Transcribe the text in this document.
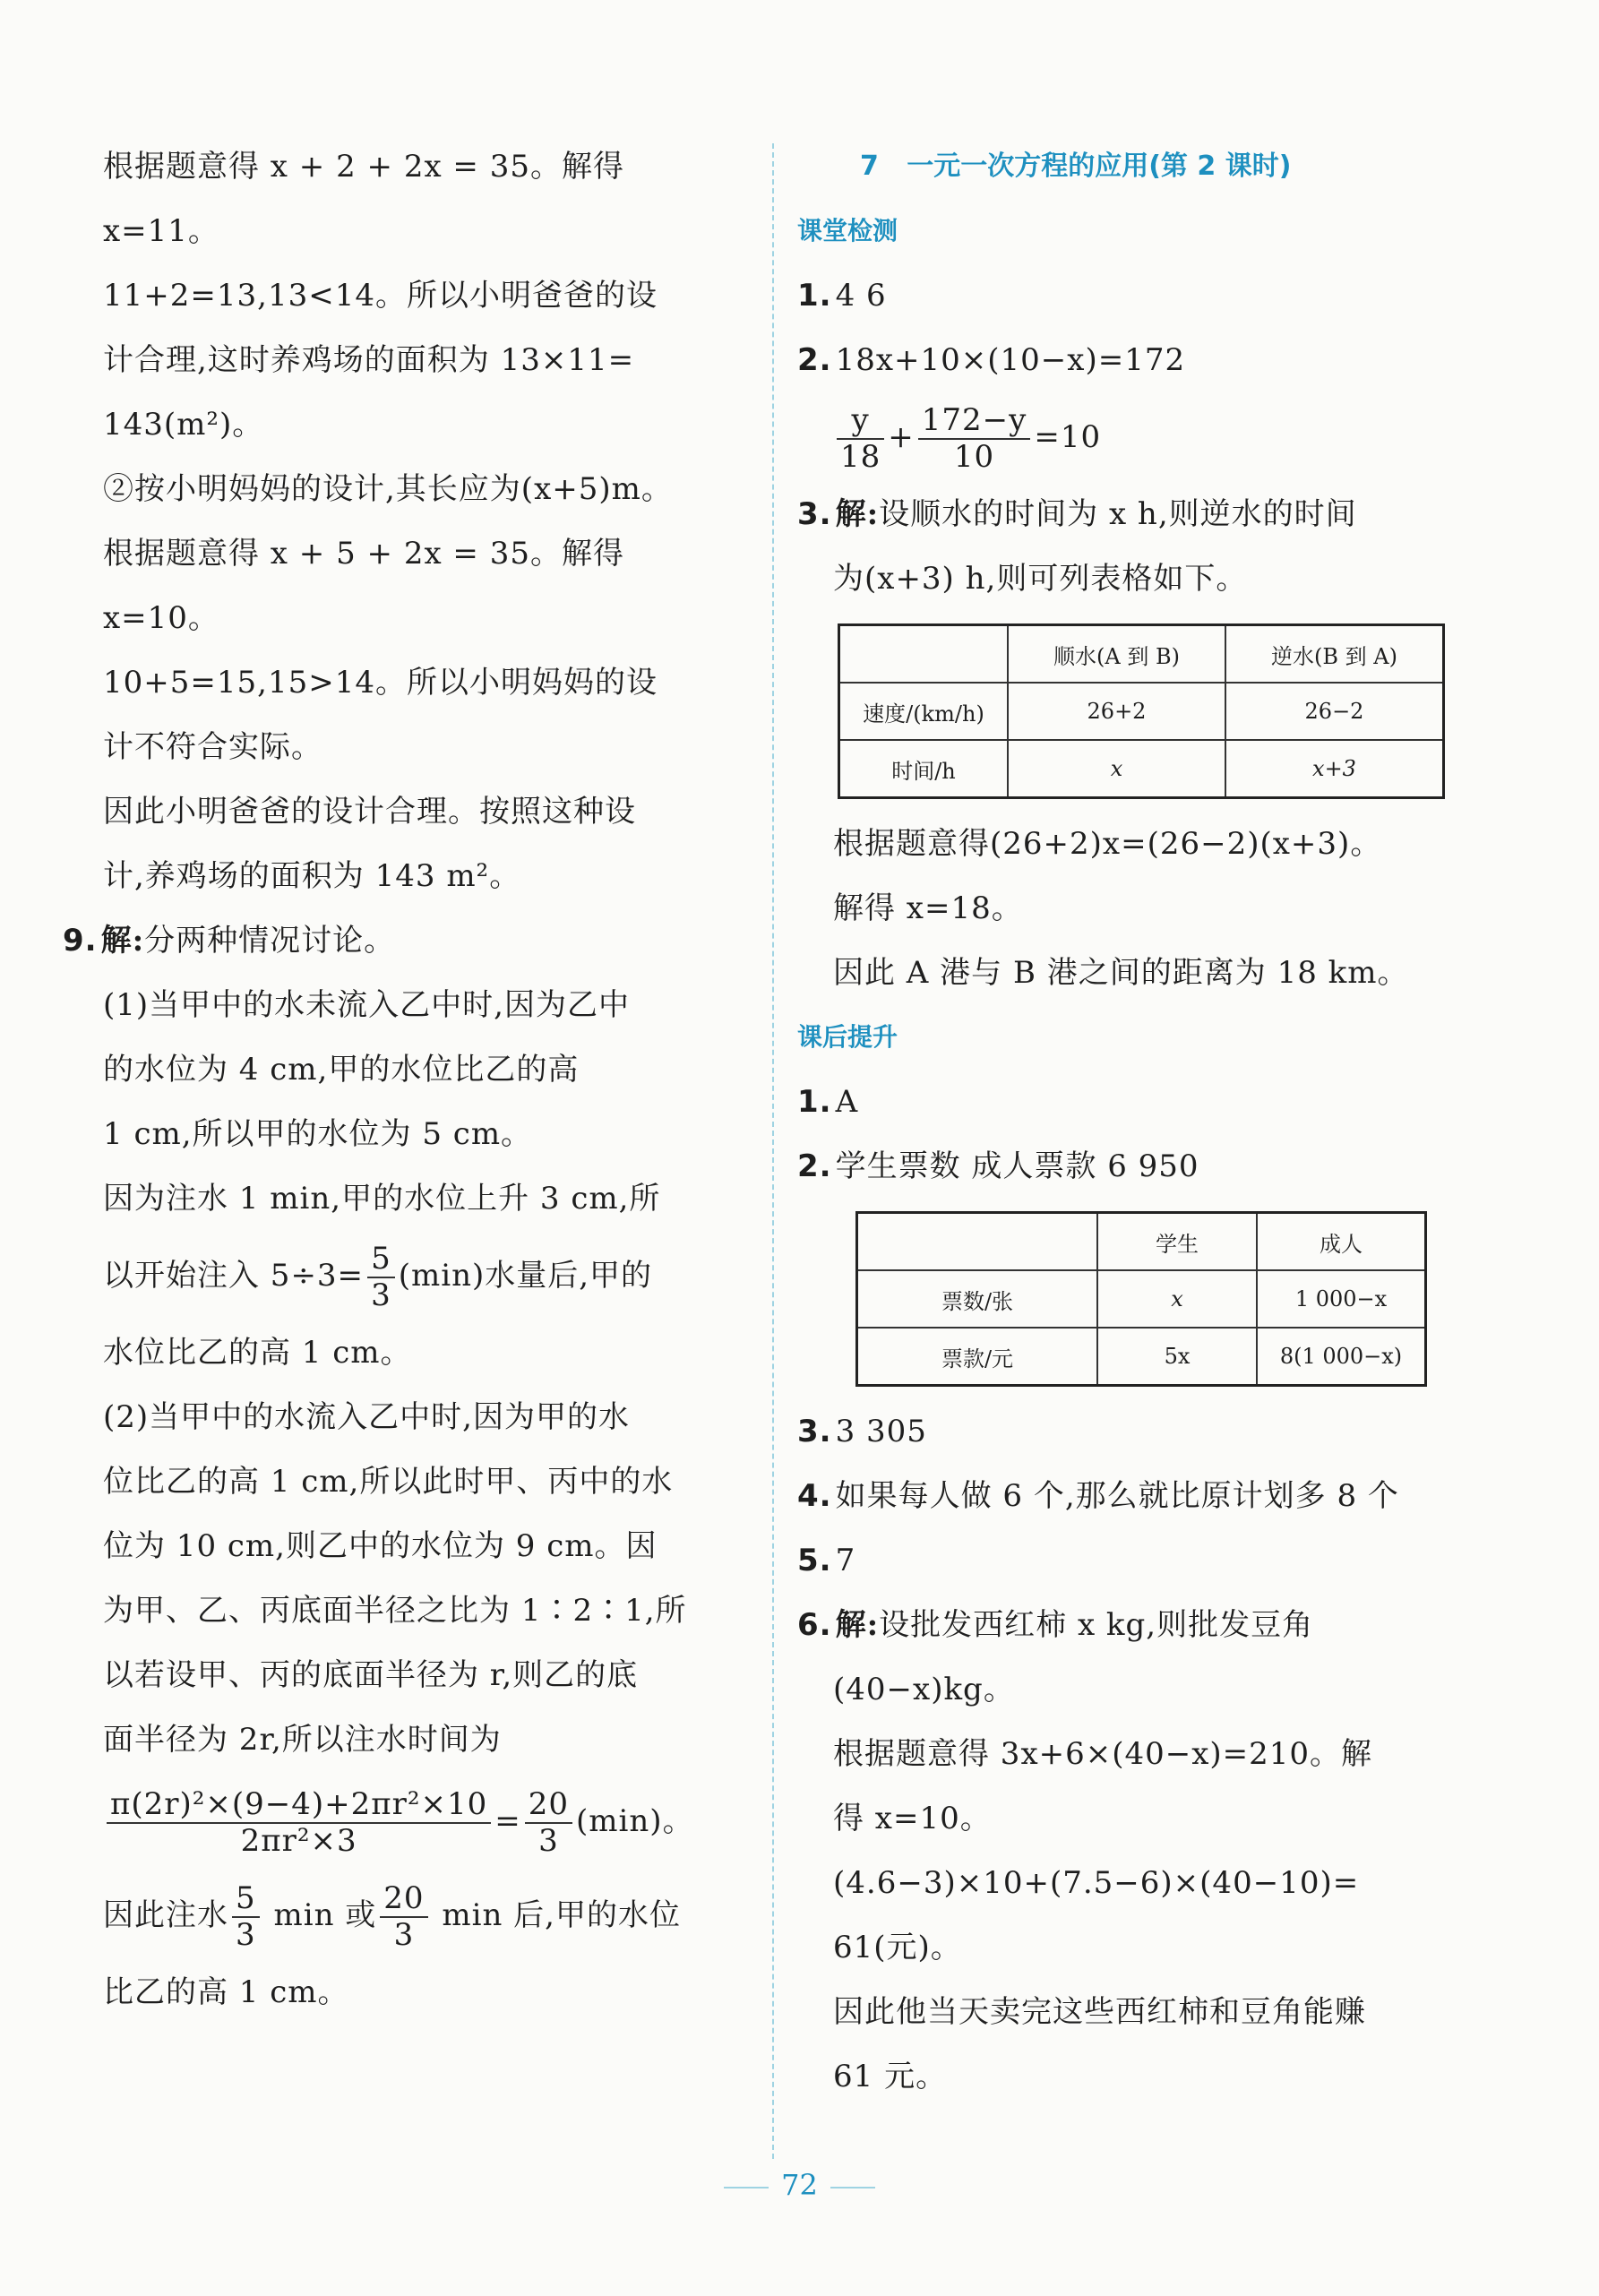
根据题意得 x + 2 + 2x = 35。解得
x=11。
11+2=13,13<14。所以小明爸爸的设
计合理,这时养鸡场的面积为 13×11=
143(m²)。
②按小明妈妈的设计,其长应为(x+5)m。
根据题意得 x + 5 + 2x = 35。解得
x=10。
10+5=15,15>14。所以小明妈妈的设
计不符合实际。
因此小明爸爸的设计合理。按照这种设
计,养鸡场的面积为 143 m²。
9. 解:分两种情况讨论。
(1)当甲中的水未流入乙中时,因为乙中
的水位为 4 cm,甲的水位比乙的高
1 cm,所以甲的水位为 5 cm。
因为注水 1 min,甲的水位上升 3 cm,所
以开始注入 $5\div 3= \frac{5}{3} (\min)$水量后,甲的
水位比乙的高 1 cm。
(2)当甲中的水流入乙中时,因为甲的水
位比乙的高 1 cm,所以此时甲、丙中的水
位为 10 cm,则乙中的水位为 9 cm。因
为甲、乙、丙底面半径之比为 1∶2∶1,所
以若设甲、丙的底面半径为 r,则乙的底
面半径为 2r,所以注水时间为
$\frac{\text{π(2r)²×(9−4)+2πr²×10}}{\text{2πr²×3}} = \frac{20}{3} (\min)$。
因此注水 $\frac{5}{3}$ min 或 $\frac{20}{3}$ min 后,甲的水位
比乙的高 1 cm。
7 一元一次方程的应用(第 2 课时)
课堂检测
1. 4 6
2. 18x+10×(10−x)=172
$\frac{y}{18} + \frac{172-y}{10} =10$
3. 解:设顺水的时间为 x h,则逆水的时间
为(x+3) h,则可列表格如下。
	顺水(A 到 B)	逆水(B 到 A)
速度/(km/h)	26+2	26−2
时间/h	x	x+3
根据题意得(26+2)x=(26−2)(x+3)。
解得 x=18。
因此 A 港与 B 港之间的距离为 18 km。
课后提升
1. A
2. 学生票数 成人票款 6 950
	学生	成人
票数/张	x	1 000−x
票款/元	5x	8(1 000−x)
3. 3 305
4. 如果每人做 6 个,那么就比原计划多 8 个
5. 7
6. 解:设批发西红柿 x kg,则批发豆角
(40−x)kg。
根据题意得 3x+6×(40−x)=210。解
得 x=10。
(4.6−3)×10+(7.5−6)×(40−10)=
61(元)。
因此他当天卖完这些西红柿和豆角能赚
61 元。
72
